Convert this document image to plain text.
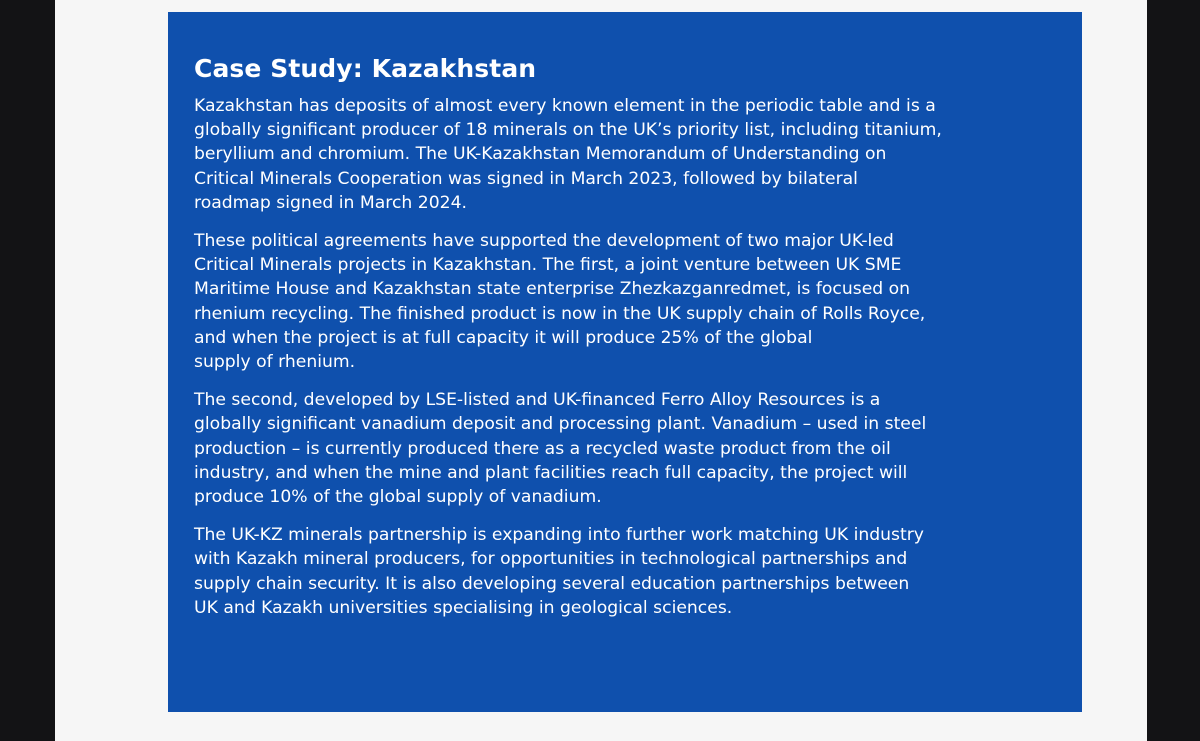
Case Study: Kazakhstan

Kazakhstan has deposits of almost every known element in the periodic table and is a
globally significant producer of 18 minerals on the UK’s priority list, including titanium,
beryllium and chromium. The UK-Kazakhstan Memorandum of Understanding on
Critical Minerals Cooperation was signed in March 2023, followed by bilateral
roadmap signed in March 2024.

These political agreements have supported the development of two major UK-led
Critical Minerals projects in Kazakhstan. The first, a joint venture between UK SME
Maritime House and Kazakhstan state enterprise Zhezkazganredmet, is focused on
rhenium recycling. The finished product is now in the UK supply chain of Rolls Royce,
and when the project is at full capacity it will produce 25% of the global
supply of rhenium.

The second, developed by LSE-listed and UK-financed Ferro Alloy Resources is a
globally significant vanadium deposit and processing plant. Vanadium – used in steel
production – is currently produced there as a recycled waste product from the oil
industry, and when the mine and plant facilities reach full capacity, the project will
produce 10% of the global supply of vanadium.

The UK-KZ minerals partnership is expanding into further work matching UK industry
with Kazakh mineral producers, for opportunities in technological partnerships and
supply chain security. It is also developing several education partnerships between
UK and Kazakh universities specialising in geological sciences.
